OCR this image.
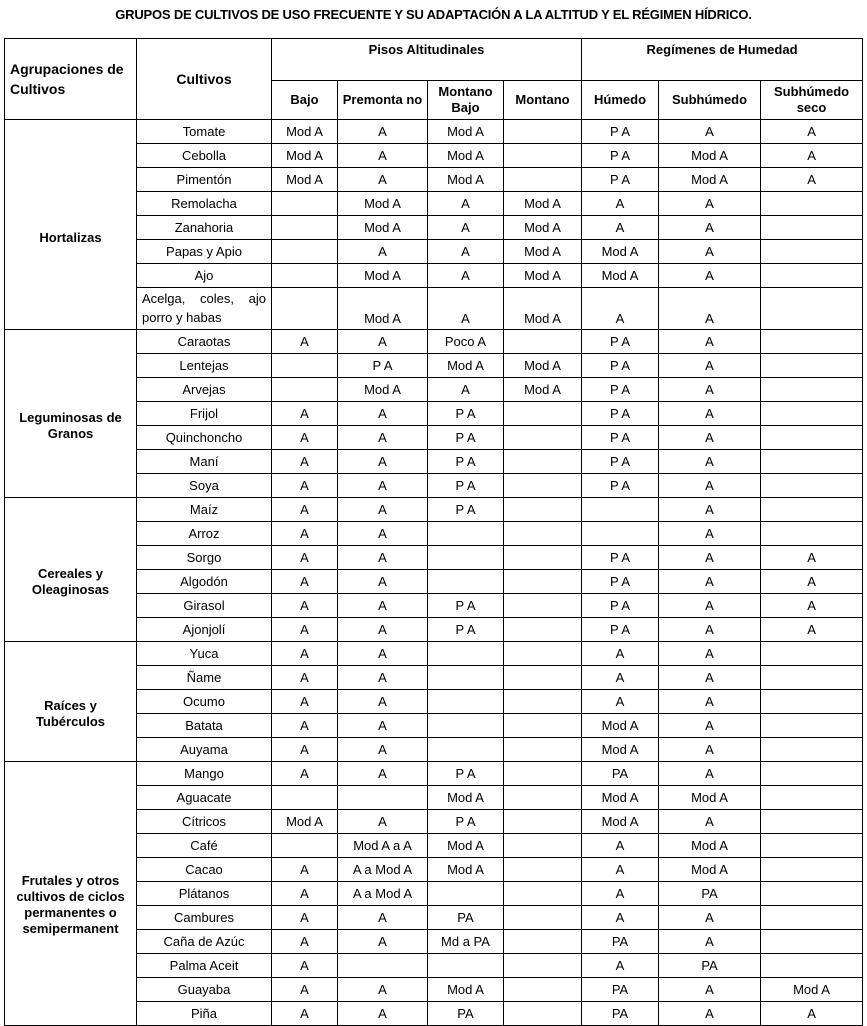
GRUPOS DE CULTIVOS DE USO FRECUENTE Y SU ADAPTACIÓN A LA ALTITUD Y EL RÉGIMEN HÍDRICO.
Agrupaciones de Cultivos	Cultivos	Pisos Altitudinales				Regímenes de Humedad		
		Bajo	Premonta no	Montano Bajo	Montano	Húmedo	Subhúmedo	Subhúmedo seco
Hortalizas	Tomate	Mod A	A	Mod A		P A	A	A
	Cebolla	Mod A	A	Mod A		P A	Mod A	A
	Pimentón	Mod A	A	Mod A		P A	Mod A	A
	Remolacha		Mod A	A	Mod A	A	A	
	Zanahoria		Mod A	A	Mod A	A	A	
	Papas y Apio		A	A	Mod A	Mod A	A	
	Ajo		Mod A	A	Mod A	Mod A	A	
	Acelga, coles, ajo porro y habas		Mod A	A	Mod A	A	A	
Leguminosas de Granos	Caraotas	A	A	Poco A		P A	A	
	Lentejas		P A	Mod A	Mod A	P A	A	
	Arvejas		Mod A	A	Mod A	P A	A	
	Frijol	A	A	P A		P A	A	
	Quinchoncho	A	A	P A		P A	A	
	Maní	A	A	P A		P A	A	
	Soya	A	A	P A		P A	A	
Cereales y Oleaginosas	Maíz	A	A	P A			A	
	Arroz	A	A				A	
	Sorgo	A	A			P A	A	A
	Algodón	A	A			P A	A	A
	Girasol	A	A	P A		P A	A	A
	Ajonjolí	A	A	P A		P A	A	A
Raíces y Tubérculos	Yuca	A	A			A	A	
	Ñame	A	A			A	A	
	Ocumo	A	A			A	A	
	Batata	A	A			Mod A	A	
	Auyama	A	A			Mod A	A	
Frutales y otros cultivos de ciclos permanentes o semipermanent	Mango	A	A	P A		PA	A	
	Aguacate			Mod A		Mod A	Mod A	
	Cítricos	Mod A	A	P A		Mod A	A	
	Café		Mod A a A	Mod A		A	Mod A	
	Cacao	A	A a Mod A	Mod A		A	Mod A	
	Plátanos	A	A a Mod A			A	PA	
	Cambures	A	A	PA		A	A	
	Caña de Azúc	A	A	Md a PA		PA	A	
	Palma Aceit	A				A	PA	
	Guayaba	A	A	Mod A		PA	A	Mod A
	Piña	A	A	PA		PA	A	A
